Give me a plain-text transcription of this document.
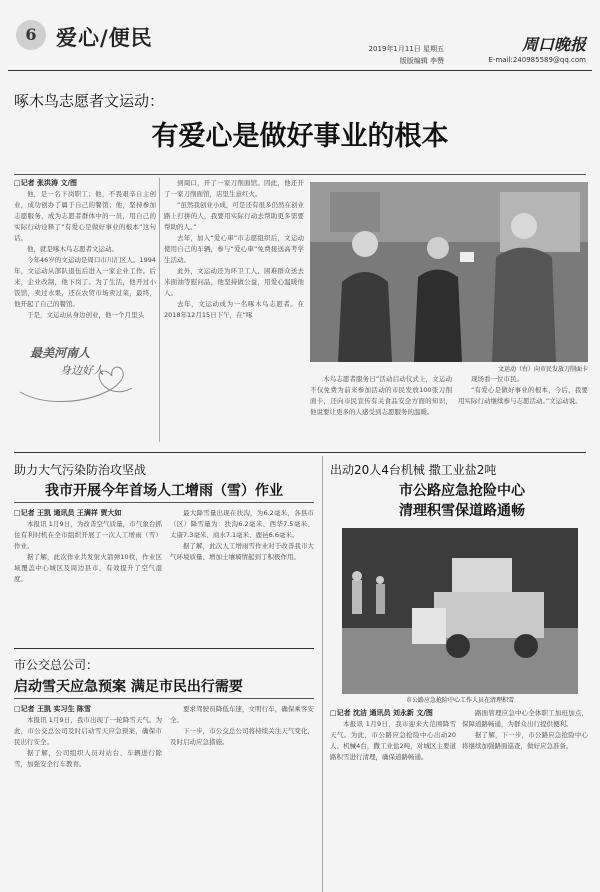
6 爱心/便民	2019年1月11日 星期五
版版编辑 李赞
周口晚报
E-mail:240985589@qq.com
啄木鸟志愿者文运动：
有爱心是做好事业的根本
□记者 张洪涛 文/图

他，是一名下岗职工；他，不畏艰辛自主创业，成功创办了属于自己的餐馆；他，坚持参加志愿服务，成为志愿者群体中的一员，用自己的实际行动诠释了“有爱心是做好事业的根本”这句话。

他，就是啄木鸟志愿者文运动。

今年46岁的文运动是周口市川汇区人。1994年，文运动从部队退伍后进入一家企业工作。后来，企业改制，他下岗了。为了生活，他开过小饭馆，卖过水果，还在农贸市场卖过菜，最终，他开起了自己的餐馆。

于是，文运动从身边创业，他一个月里头

最美河南人
身边好人

到周口，开了一家刀削面馆。因此，他还开了一家刀削面馆，店里生意红火。

“虽然我创业小成，可是还有很多仍然在创业路上打拼的人，我要用实际行动去帮助更多需要帮助的人。”

去年，加入“爱心車”市志愿组织后，文运动使用自己的车辆，参与“爱心車”免费接送高考学生活动。

此外，文运动还为环卫工人、困难群众送去米面油等慰问品，他坚持做公益，用爱心温暖他人。

去年，文运动成为一名啄木鸟志愿者。在2018年12月15日下午，在“啄

文运动（右）向市民发放刀削面卡

木鸟志愿者服务日”活动启动仪式上，文运动不仅免费为前来参加活动的市民发放100张刀削面卡，还向市民宣传有关食品安全方面的知识，他说要让更多的人感受到志愿服务的温暖。

现场看一位市民。

“有爱心是做好事业的根本，今后，我要用实际行动继续参与志愿活动。”文运动说。

助力大气污染防治攻坚战
我市开展今年首场人工增雨（雪）作业
□记者 王凯 通讯员 王满祥 贾大如

本报讯 1月9日，为改善空气质量，市气象台抓住有利时机在全市组织开展了一次人工增雨（雪）作业。

据了解，此次作业共发射火箭弹10枚，作业区域覆盖中心城区及周边县市，有效提升了空气湿度。

最大降雪量出现在扶沟，为6.2毫米，各县市（区）降雪量为：扶沟6.2毫米、西华7.5毫米、太康7.3毫米、商水7.1毫米、鹿邑6.6毫米。

据了解，此次人工增雨雪作业对于改善我市大气环境质量、增加土壤墒情起到了积极作用。

出动20人4台机械 撒工业盐2吨
市公路应急抢险中心
清理积雪保道路通畅
市公路应急抢险中心工作人员在清理积雪
□记者 沈洁 通讯员 刘永新 文/图

本报讯 1月9日，我市迎来大范围降雪天气。为此，市公路应急抢险中心出动20人、机械4台，撒工业盐2吨，对城区主要道路积雪进行清理，确保道路畅通。

路面管理应急中心全体职工加班加点，保障道路畅通，为群众出行提供便利。

据了解，下一步，市公路应急抢险中心将继续加强路面巡查，做好应急准备。

市公交总公司：
启动雪天应急预案 满足市民出行需要
□记者 王凯 实习生 陈雪

本报讯 1月9日，我市出现了一轮降雪天气。为此，市公交总公司及时启动雪天应急预案，确保市民出行安全。

据了解，公司组织人员对站台、车辆进行除雪，加强安全行车教育。

要求驾驶员降低车速，文明行车，确保乘客安全。

下一步，市公交总公司将持续关注天气变化，及时启动应急措施。
